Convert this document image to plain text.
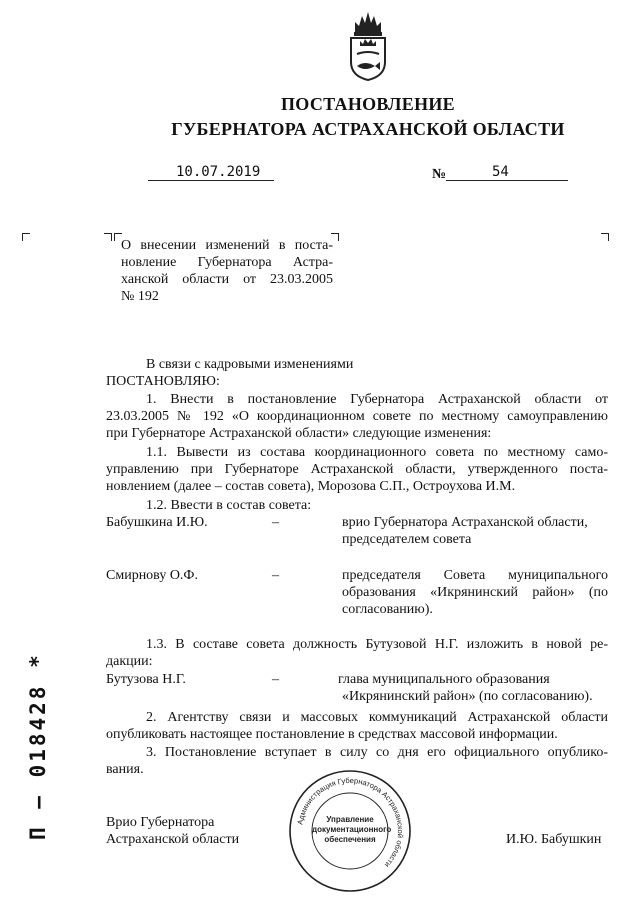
ПОСТАНОВЛЕНИЕ
ГУБЕРНАТОРА АСТРАХАНСКОЙ ОБЛАСТИ
10.07.2019	№	54
О внесении изменений в поста-
новление Губернатора Астра-
ханской области от 23.03.2005
№ 192
В связи с кадровыми изменениями
ПОСТАНОВЛЯЮ:
1. Внести в постановление Губернатора Астраханской области от
23.03.2005 № 192 «О координационном совете по местному самоуправлению
при Губернаторе Астраханской области» следующие изменения:
1.1. Вывести из состава координационного совета по местному само-
управлению при Губернаторе Астраханской области, утвержденного поста-
новлением (далее – состав совета), Морозова С.П., Остроухова И.М.
1.2. Ввести в состав совета:
Бабушкина И.Ю.	–	врио Губернатора Астраханской области,
председателем совета
Смирнову О.Ф.	–	председателя Совета муниципального
образования «Икрянинский район» (по
согласованию).
1.3. В составе совета должность Бутузовой Н.Г. изложить в новой ре-
дакции:
Бутузова Н.Г.	–	глава муниципального образования
«Икрянинский район» (по согласованию).
2. Агентству связи и массовых коммуникаций Астраханской области
опубликовать настоящее постановление в средствах массовой информации.
3. Постановление вступает в силу со дня его официального опублико-
вания.
Врио Губернатора
Астраханской области	И.Ю. Бабушкин
Администрация Губернатора Астраханской области
Управление
документационного
обеспечения
П – 018428 *
